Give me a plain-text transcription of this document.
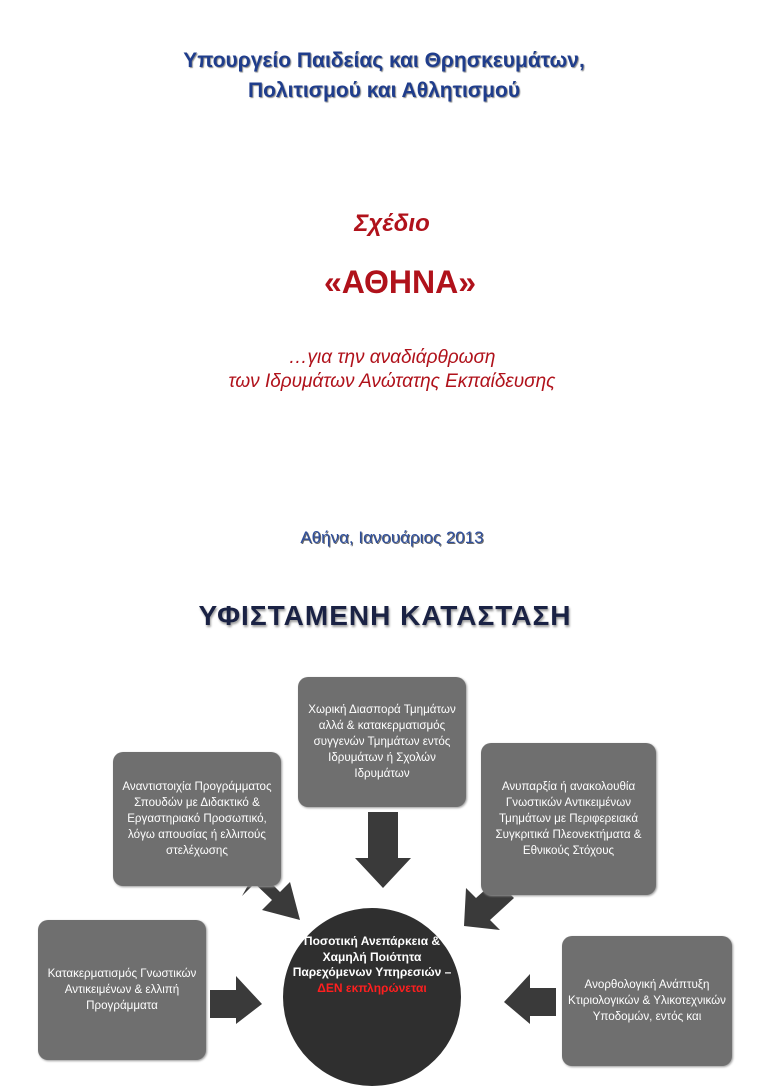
Υπουργείο Παιδείας και Θρησκευμάτων,
Πολιτισμού και Αθλητισμού
Σχέδιο
«ΑΘΗΝΑ»
…για την αναδιάρθρωση
των Ιδρυμάτων Ανώτατης Εκπαίδευσης
Αθήνα, Ιανουάριος 2013
ΥΦΙΣΤΑΜΕΝΗ ΚΑΤΑΣΤΑΣΗ
Χωρική Διασπορά Τμημάτων αλλά & κατακερματισμός συγγενών Τμημάτων εντός Ιδρυμάτων ή Σχολών Ιδρυμάτων
Αναντιστοιχία Προγράμματος Σπουδών με Διδακτικό & Εργαστηριακό Προσωπικό, λόγω απουσίας ή ελλιπούς στελέχωσης
Ανυπαρξία ή ανακολουθία Γνωστικών Αντικειμένων Τμημάτων με Περιφερειακά Συγκριτικά Πλεονεκτήματα & Εθνικούς Στόχους
Κατακερματισμός Γνωστικών Αντικειμένων & ελλιπή Προγράμματα
Ανορθολογική Ανάπτυξη Κτιριολογικών & Υλικοτεχνικών Υποδομών, εντός και
Ποσοτική Ανεπάρκεια & Χαμηλή Ποιότητα Παρεχόμενων Υπηρεσιών – ΔΕΝ εκπληρώνεται
